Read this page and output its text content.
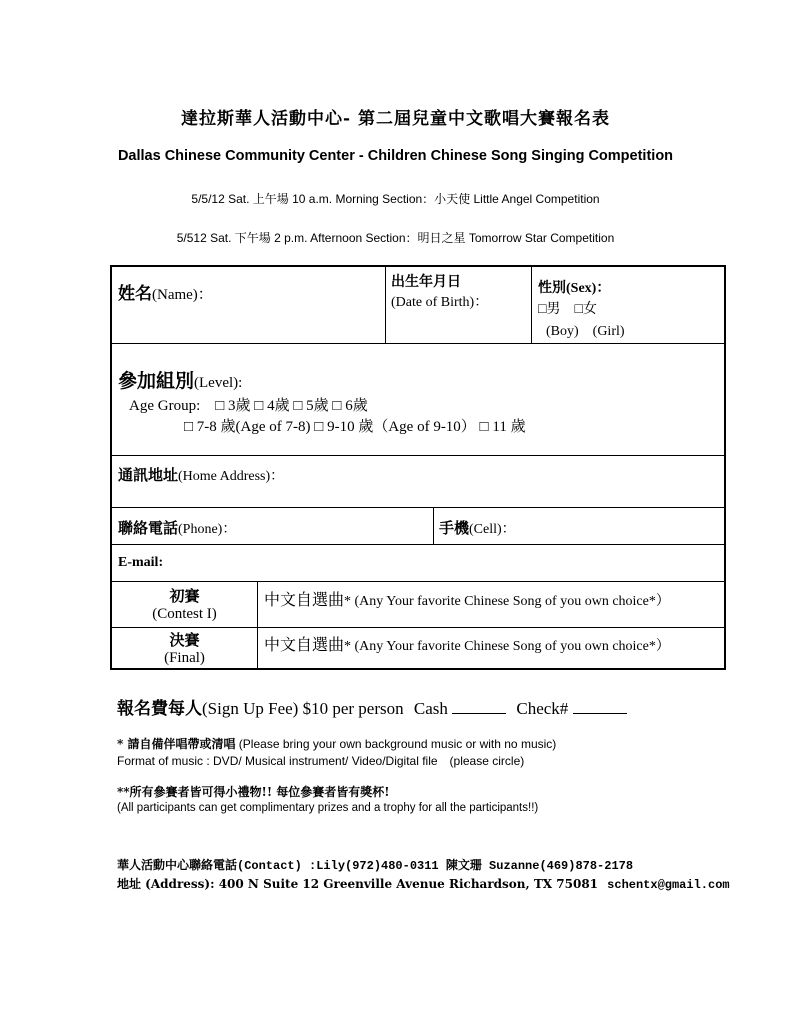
達拉斯華人活動中心- 第二屆兒童中文歌唱大賽報名表
Dallas Chinese Community Center - Children Chinese Song Singing Competition
5/5/12 Sat. 上午場 10 a.m. Morning Section：小天使 Little Angel Competition
5/512 Sat. 下午場 2 p.m. Afternoon Section：明日之星 Tomorrow Star Competition
姓名(Name)：
出生年月日
(Date of Birth)：
性別(Sex)：
□男　□女
(Boy)　(Girl)
參加組別(Level):
Age Group:　□ 3歲 □ 4歲 □ 5歲 □ 6歲
□ 7-8 歲(Age of 7-8) □ 9-10 歲（Age of 9-10） □ 11 歲
通訊地址(Home Address)：
聯絡電話(Phone)：	手機(Cell)：
E-mail:
初賽
(Contest I)
中文自選曲* (Any Your favorite Chinese Song of you own choice*）
決賽
(Final)
中文自選曲* (Any Your favorite Chinese Song of you own choice*）
報名費每人(Sign Up Fee) $10 per person Cash	Check#
* 請自備伴唱帶或清唱 (Please bring your own background music or with no music)
Format of music : DVD/ Musical instrument/ Video/Digital file　(please circle)
**所有參賽者皆可得小禮物!! 每位參賽者皆有獎杯!
(All participants can get complimentary prizes and a trophy for all the participants!!)
華人活動中心聯絡電話(Contact) :Lily(972)480-0311 陳文珊 Suzanne(469)878-2178
地址 (Address): 400 N Suite 12 Greenville Avenue Richardson, TX 75081 schentx@gmail.com
